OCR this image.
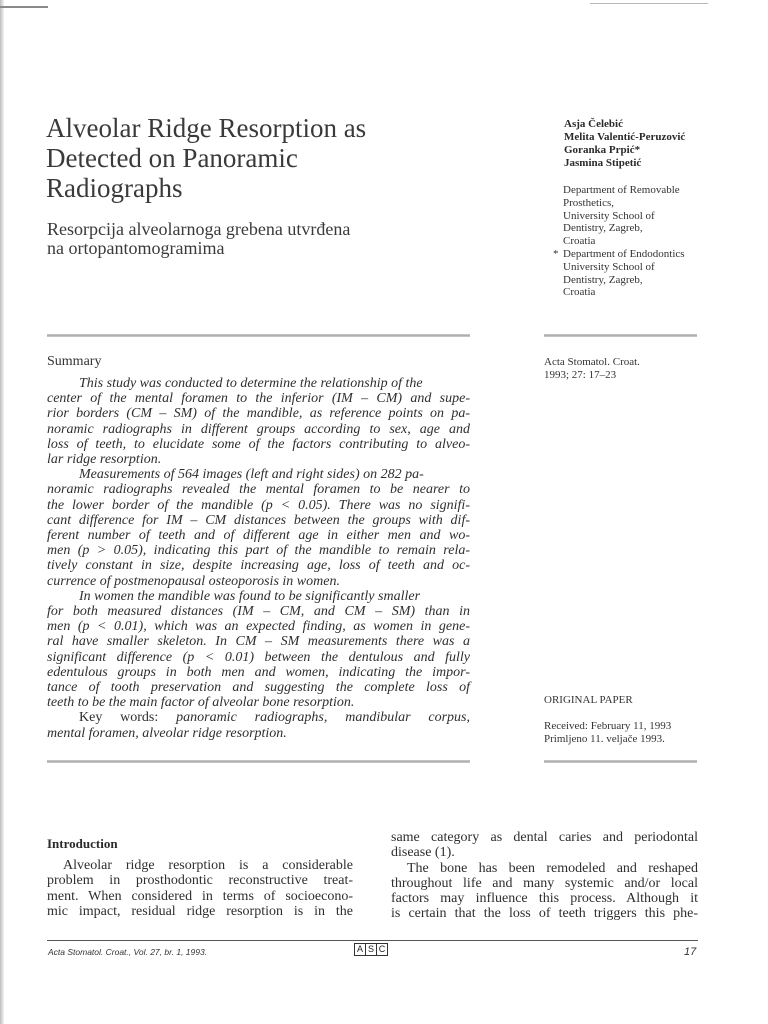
Alveolar Ridge Resorption as
Detected on Panoramic
Radiographs
Resorpcija alveolarnoga grebena utvrđena
na ortopantomogramima
Asja Čelebić
Melita Valentić-Peruzović
Goranka Prpić*
Jasmina Stipetić
Department of Removable
Prosthetics,
University School of
Dentistry, Zagreb,
Croatia
* Department of Endodontics
University School of
Dentistry, Zagreb,
Croatia
Summary
This study was conducted to determine the relationship of the
center of the mental foramen to the inferior (IM – CM) and supe-
rior borders (CM – SM) of the mandible, as reference points on pa-
noramic radiographs in different groups according to sex, age and
loss of teeth, to elucidate some of the factors contributing to alveo-
lar ridge resorption.
Measurements of 564 images (left and right sides) on 282 pa-
noramic radiographs revealed the mental foramen to be nearer to
the lower border of the mandible (p < 0.05). There was no signifi-
cant difference for IM – CM distances between the groups with dif-
ferent number of teeth and of different age in either men and wo-
men (p > 0.05), indicating this part of the mandible to remain rela-
tively constant in size, despite increasing age, loss of teeth and oc-
currence of postmenopausal osteoporosis in women.
In women the mandible was found to be significantly smaller
for both measured distances (IM – CM, and CM – SM) than in
men (p < 0.01), which was an expected finding, as women in gene-
ral have smaller skeleton. In CM – SM measurements there was a
significant difference (p < 0.01) between the dentulous and fully
edentulous groups in both men and women, indicating the impor-
tance of tooth preservation and suggesting the complete loss of
teeth to be the main factor of alveolar bone resorption.
Key words: panoramic radiographs, mandibular corpus,
mental foramen, alveolar ridge resorption.
Acta Stomatol. Croat.
1993; 27: 17–23
ORIGINAL PAPER
Received: February 11, 1993
Primljeno 11. veljače 1993.
Introduction
Alveolar ridge resorption is a considerable
problem in prosthodontic reconstructive treat-
ment. When considered in terms of socioecono-
mic impact, residual ridge resorption is in the
same category as dental caries and periodontal
disease (1).
The bone has been remodeled and reshaped
throughout life and many systemic and/or local
factors may influence this process. Although it
is certain that the loss of teeth triggers this phe-
Acta Stomatol. Croat., Vol. 27, br. 1, 1993.	A S C	17
